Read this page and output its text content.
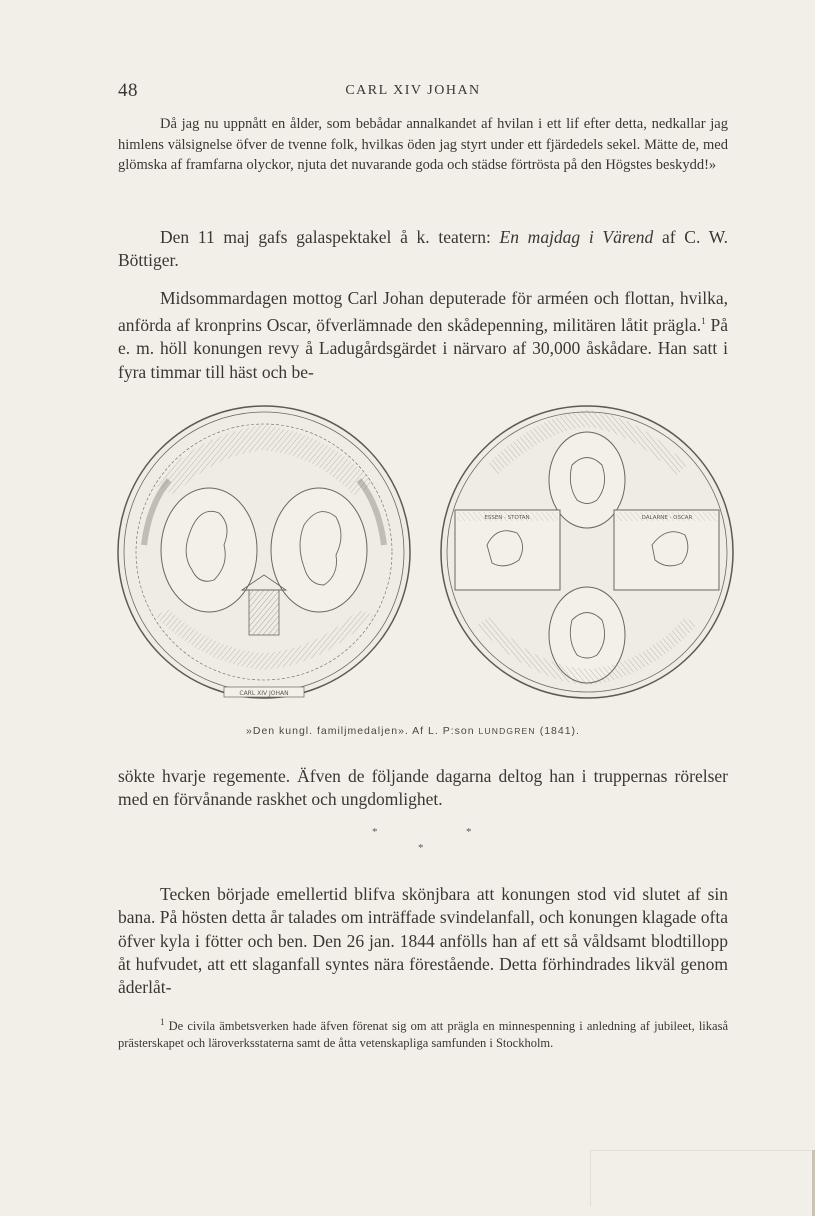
48	CARL XIV JOHAN

Då jag nu uppnått en ålder, som bebådar annalkandet af hvilan i ett lif efter detta, nedkallar jag himlens välsignelse öfver de tvenne folk, hvilkas öden jag styrt under ett fjärdedels sekel. Mätte de, med glömska af framfarna olyckor, njuta det nuvarande goda och städse förtrösta på den Högstes beskydd!»

Den 11 maj gafs galaspektakel å k. teatern: En majdag i Värend af C. W. Böttiger.

Midsommardagen mottog Carl Johan deputerade för arméen och flottan, hvilka, anförda af kronprins Oscar, öfverlämnade den skådepenning, militären låtit prägla.$^1$ På e. m. höll konungen revy å Ladugårdsgärdet i närvaro af 30,000 åskådare. Han satt i fyra timmar till häst och be-

CARL XIV JOHAN
ESSEN · STOTAN	DALARNE · OSCAR
»Den kungl. familjmedaljen». Af L. P:son LUNDGREN (1841).

sökte hvarje regemente. Äfven de följande dagarna deltog han i truppernas rörelser med en förvånande raskhet och ungdomlighet.

*	*
*

Tecken började emellertid blifva skönjbara att konungen stod vid slutet af sin bana. På hösten detta år talades om inträffade svindelanfall, och konungen klagade ofta öfver kyla i fötter och ben. Den 26 jan. 1844 anfölls han af ett så våldsamt blodtillopp åt hufvudet, att ett slaganfall syntes nära förestående. Detta förhindrades likväl genom åderlåt-

$^1$ De civila ämbetsverken hade äfven förenat sig om att prägla en minnespenning i anledning af jubileet, likaså prästerskapet och läroverksstaterna samt de åtta vetenskapliga samfunden i Stockholm.
